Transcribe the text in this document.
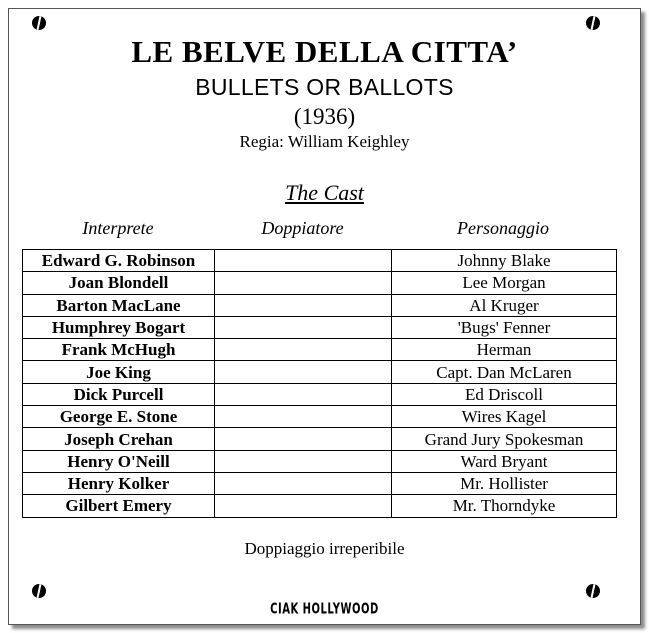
LE BELVE DELLA CITTA’
BULLETS OR BALLOTS
(1936)
Regia: William Keighley
The Cast
Interprete	Doppiatore	Personaggio
Edward G. Robinson		Johnny Blake
Joan Blondell		Lee Morgan
Barton MacLane		Al Kruger
Humphrey Bogart		'Bugs' Fenner
Frank McHugh		Herman
Joe King		Capt. Dan McLaren
Dick Purcell		Ed Driscoll
George E. Stone		Wires Kagel
Joseph Crehan		Grand Jury Spokesman
Henry O'Neill		Ward Bryant
Henry Kolker		Mr. Hollister
Gilbert Emery		Mr. Thorndyke
Doppiaggio irreperibile
CIAK HOLLYWOOD
